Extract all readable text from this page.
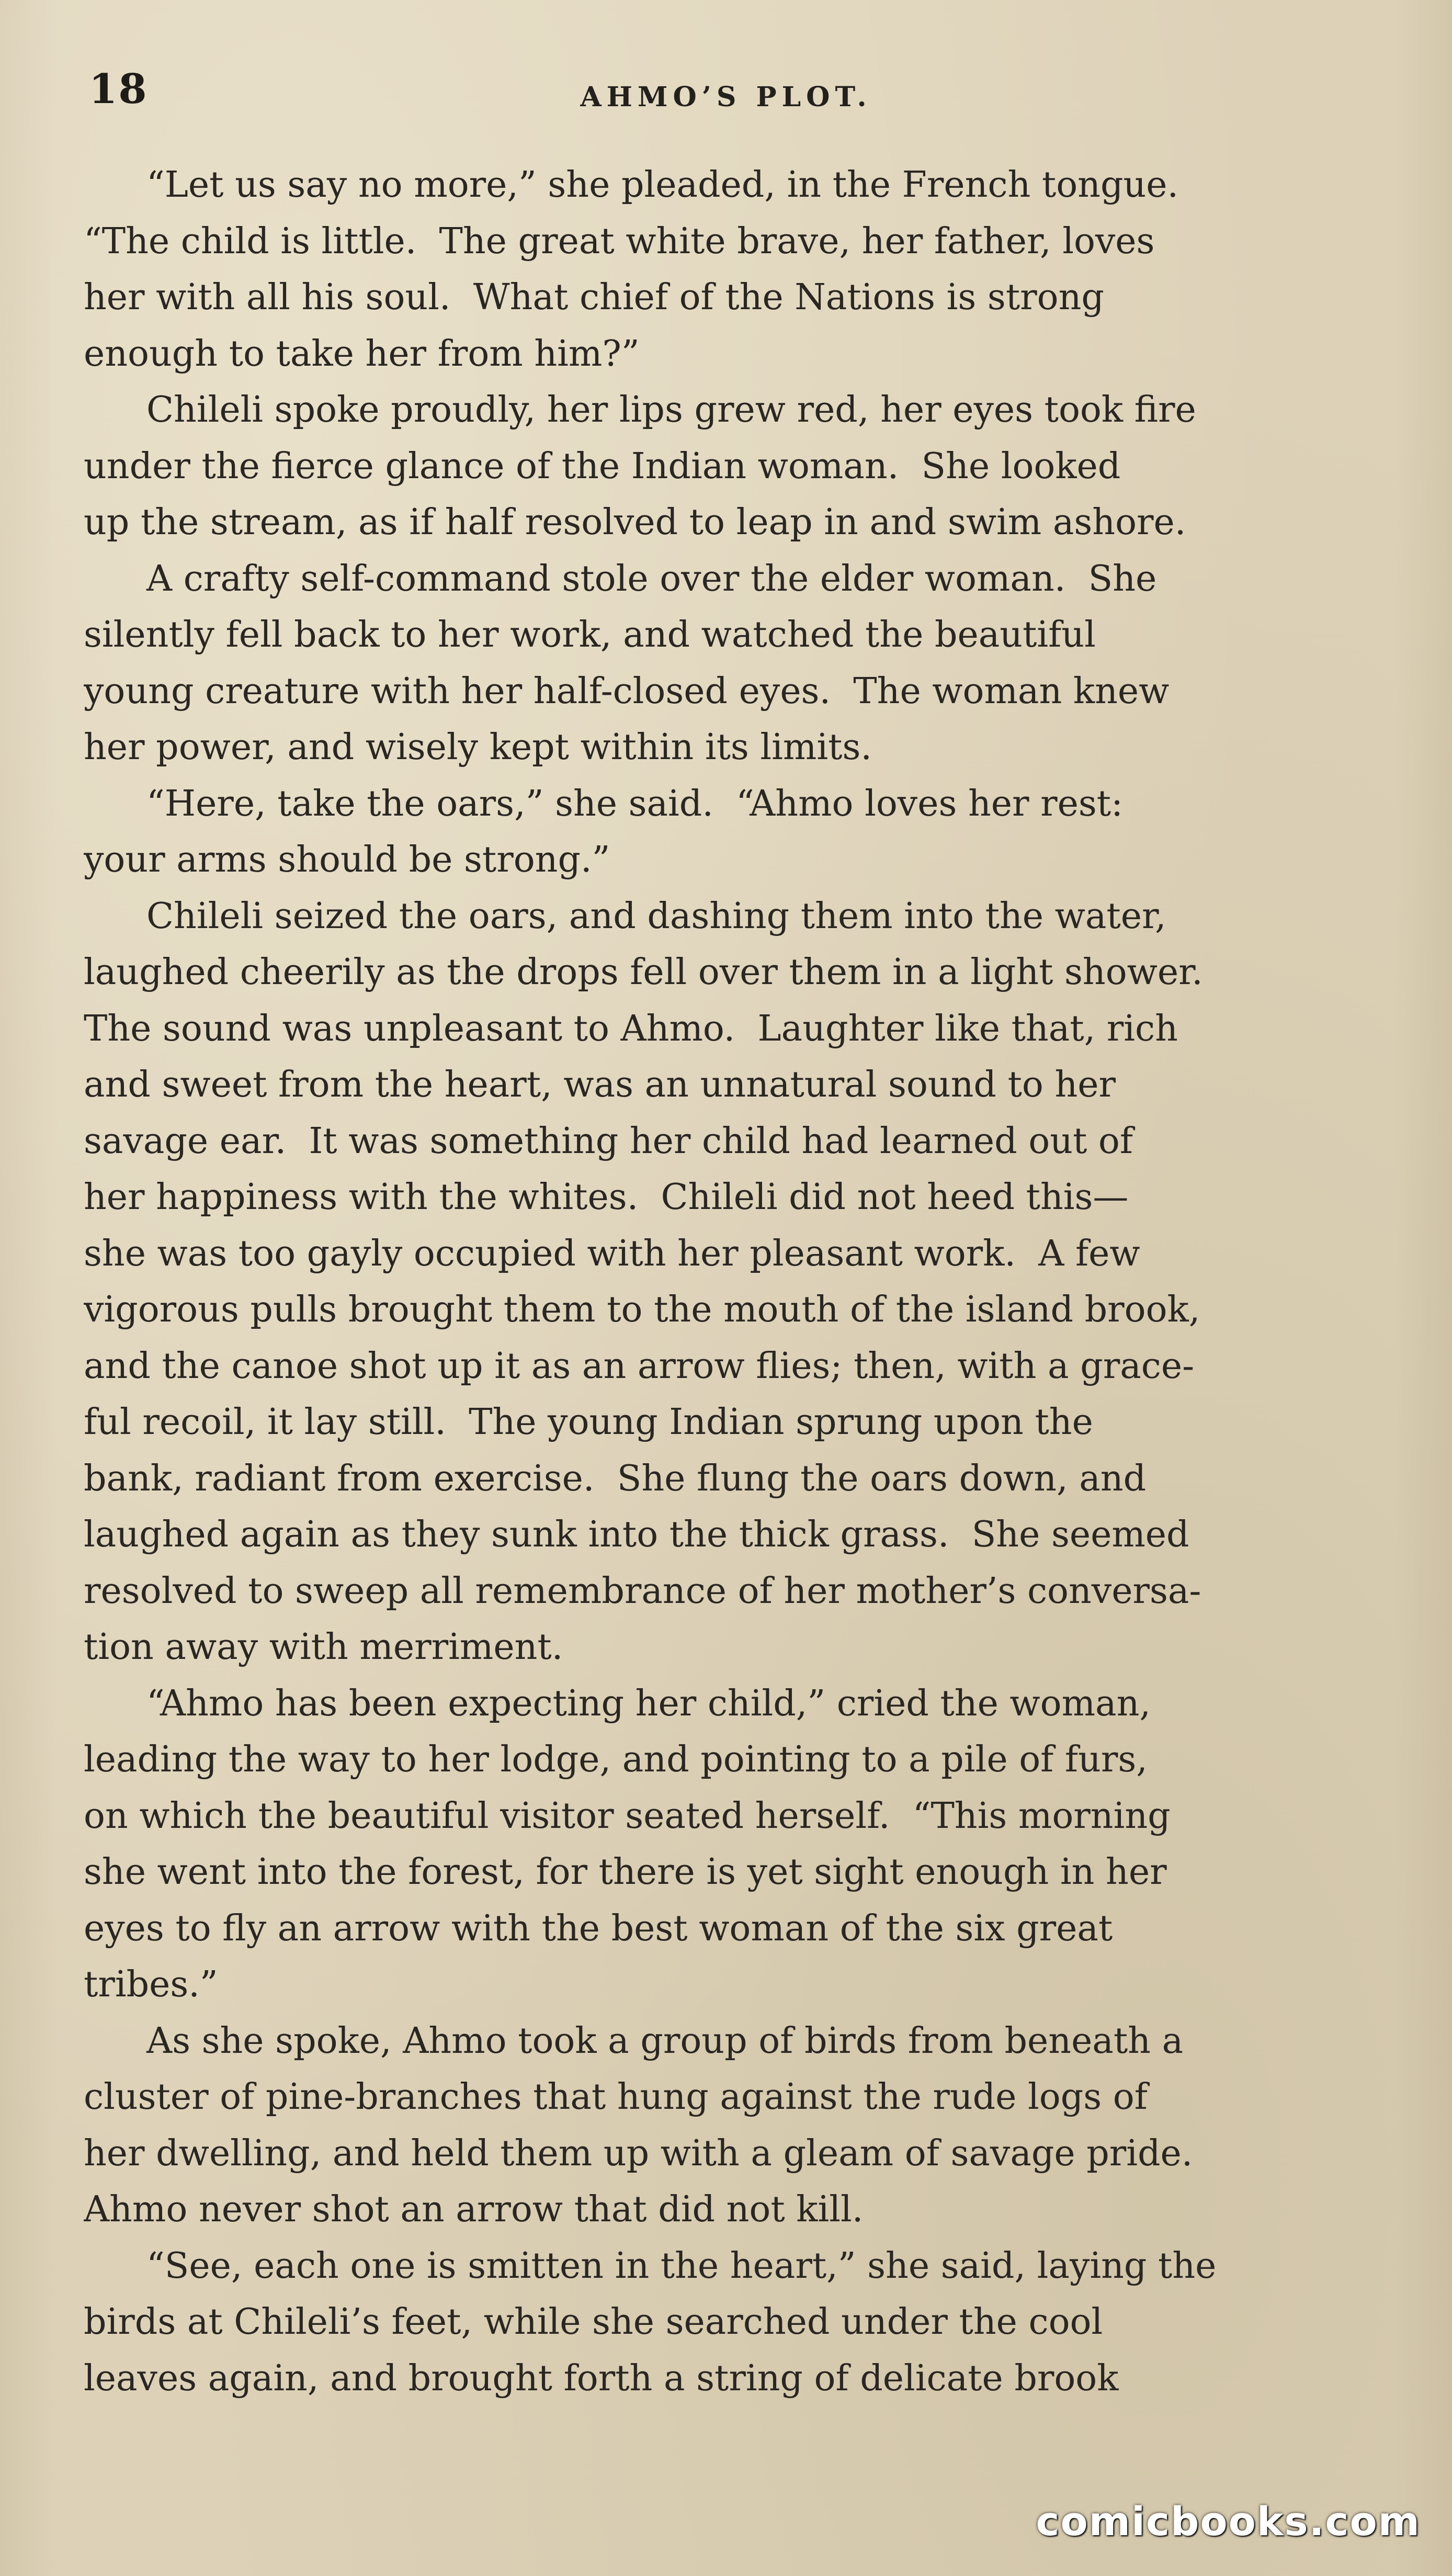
18	AHMO’S PLOT.
“Let us say no more,” she pleaded, in the French tongue.
“The child is little.  The great white brave, her father, loves
her with all his soul.  What chief of the Nations is strong
enough to take her from him?”
Chileli spoke proudly, her lips grew red, her eyes took fire
under the fierce glance of the Indian woman.  She looked
up the stream, as if half resolved to leap in and swim ashore.
A crafty self-command stole over the elder woman.  She
silently fell back to her work, and watched the beautiful
young creature with her half-closed eyes.  The woman knew
her power, and wisely kept within its limits.
“Here, take the oars,” she said.  “Ahmo loves her rest:
your arms should be strong.”
Chileli seized the oars, and dashing them into the water,
laughed cheerily as the drops fell over them in a light shower.
The sound was unpleasant to Ahmo.  Laughter like that, rich
and sweet from the heart, was an unnatural sound to her
savage ear.  It was something her child had learned out of
her happiness with the whites.  Chileli did not heed this—
she was too gayly occupied with her pleasant work.  A few
vigorous pulls brought them to the mouth of the island brook,
and the canoe shot up it as an arrow flies; then, with a grace-
ful recoil, it lay still.  The young Indian sprung upon the
bank, radiant from exercise.  She flung the oars down, and
laughed again as they sunk into the thick grass.  She seemed
resolved to sweep all remembrance of her mother’s conversa-
tion away with merriment.
“Ahmo has been expecting her child,” cried the woman,
leading the way to her lodge, and pointing to a pile of furs,
on which the beautiful visitor seated herself.  “This morning
she went into the forest, for there is yet sight enough in her
eyes to fly an arrow with the best woman of the six great
tribes.”
As she spoke, Ahmo took a group of birds from beneath a
cluster of pine-branches that hung against the rude logs of
her dwelling, and held them up with a gleam of savage pride.
Ahmo never shot an arrow that did not kill.
“See, each one is smitten in the heart,” she said, laying the
birds at Chileli’s feet, while she searched under the cool
leaves again, and brought forth a string of delicate brook
comicbooks.com
